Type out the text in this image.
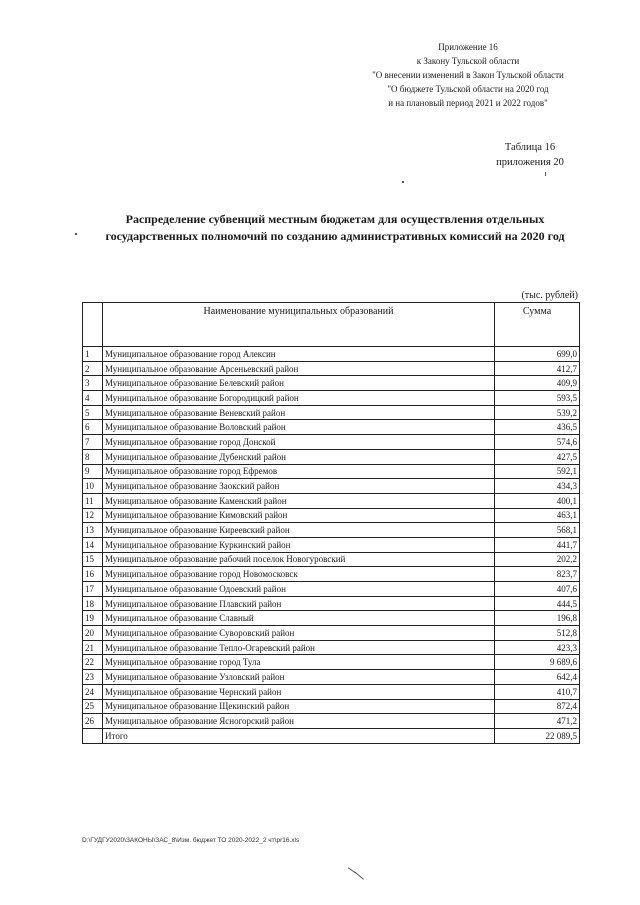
Приложение 16
к Закону Тульской области
"О внесении изменений в Закон Тульской области
"О бюджете Тульской области на 2020 год
и на плановый период 2021 и 2022 годов"
Таблица 16
приложения 20
Распределение субвенций местным бюджетам для осуществления отдельных
государственных полномочий по созданию административных комиссий на 2020 год
(тыс. рублей)
	Наименование муниципальных образований	Сумма
1	Муниципальное образование город Алексин	699,0
2	Муниципальное образование Арсеньевский район	412,7
3	Муниципальное образование Белевский район	409,9
4	Муниципальное образование Богородицкий район	593,5
5	Муниципальное образование Веневский район	539,2
6	Муниципальное образование Воловский район	436,5
7	Муниципальное образование город Донской	574,6
8	Муниципальное образование Дубенский район	427,5
9	Муниципальное образование город Ефремов	592,1
10	Муниципальное образование Заокский район	434,3
11	Муниципальное образование Каменский район	400,1
12	Муниципальное образование Кимовский район	463,1
13	Муниципальное образование Киреевский район	568,1
14	Муниципальное образование Куркинский район	441,7
15	Муниципальное образование рабочий поселок Новогуровский	202,2
16	Муниципальное образование город Новомосковск	823,7
17	Муниципальное образование Одоевский район	407,6
18	Муниципальное образование Плавский район	444,5
19	Муниципальное образование Славный	196,8
20	Муниципальное образование Суворовский район	512,8
21	Муниципальное образование Тепло-Огаревский район	423,3
22	Муниципальное образование город Тула	9 689,6
23	Муниципальное образование Узловский район	642,4
24	Муниципальное образование Чернский район	410,7
25	Муниципальное образование Щекинский район	872,4
26	Муниципальное образование Ясногорский район	471,2
	Итого	22 089,5
D:\ГУДГУ2020\ЗАКОНЫ\ЗАС_8\Изм. бюджет ТО 2020-2022_2 чт\pr16.xls
